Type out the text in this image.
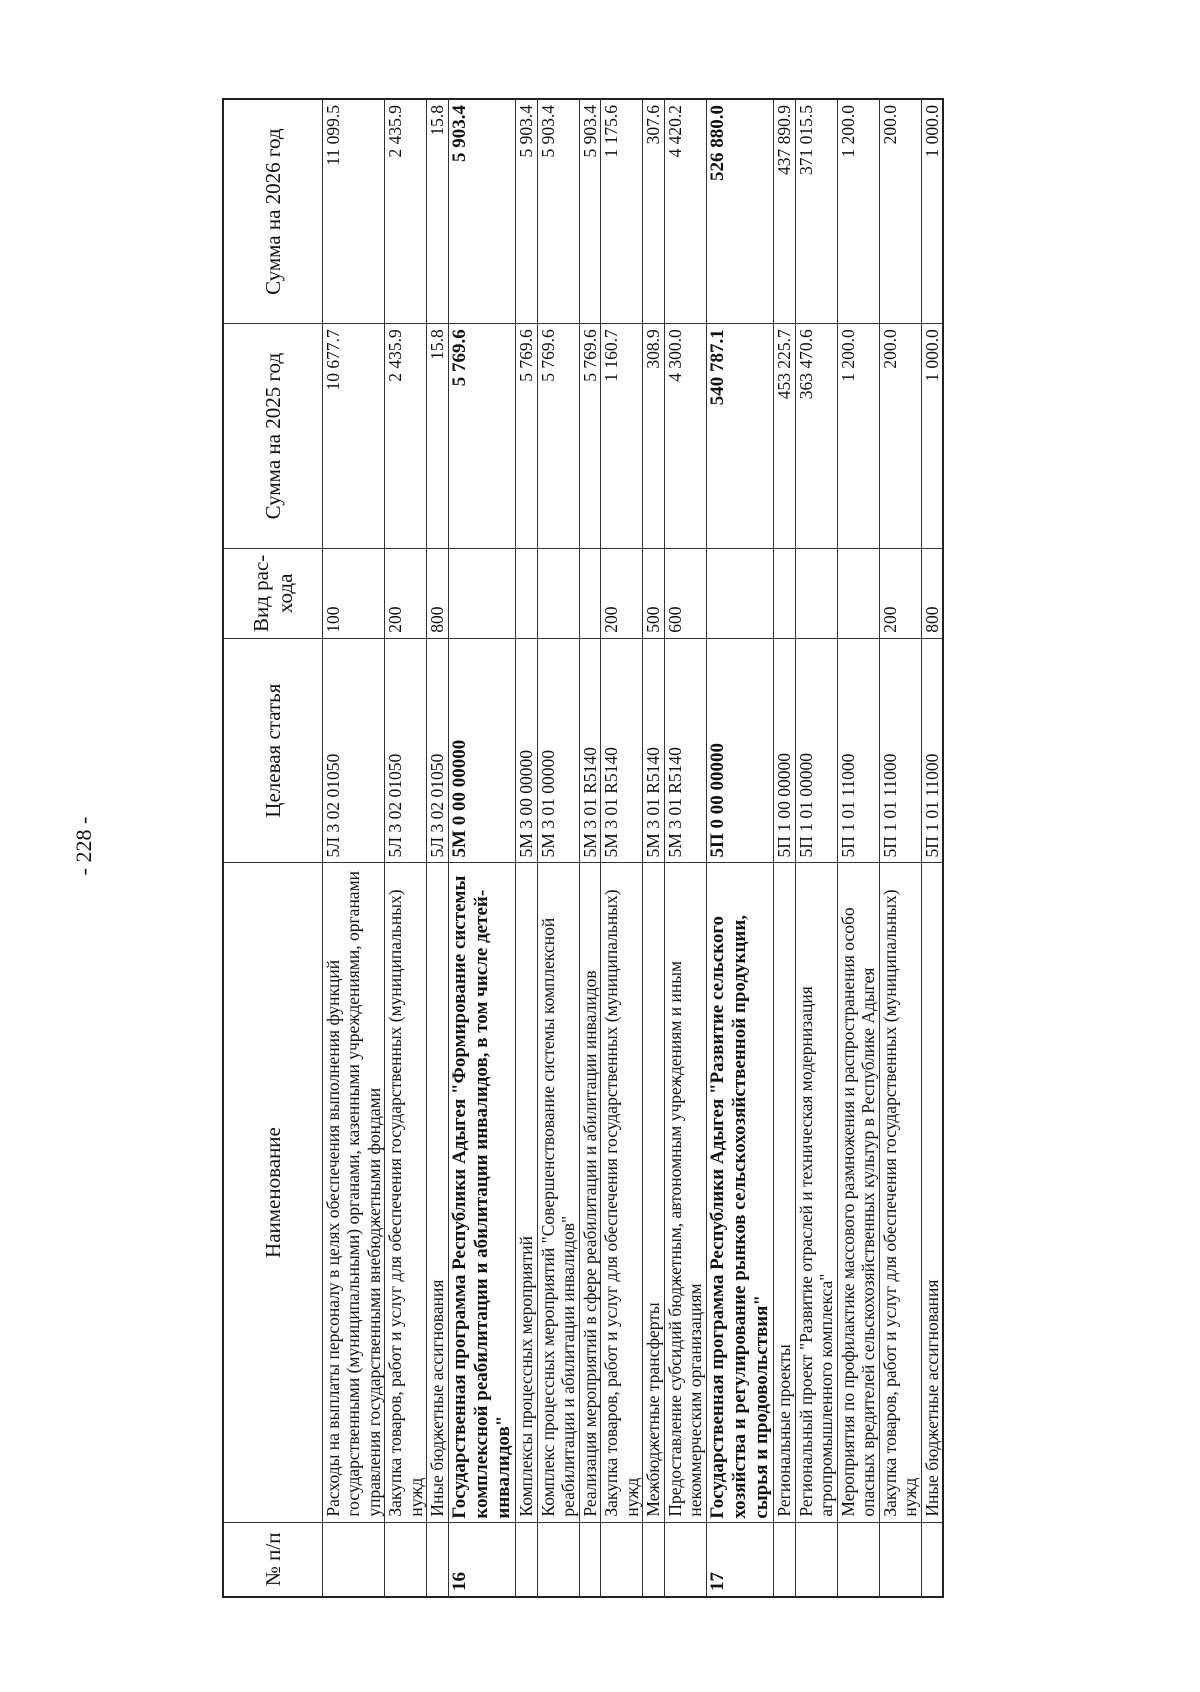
- 228 -
№ п/п	Наименование	Целевая статья	Вид рас- хода	Сумма на 2025 год	Сумма на 2026 год
	Расходы на выплаты персоналу в целях обеспечения выполнения функций государственными (муниципальными) органами, казенными учреждениями, органами управления государственными внебюджетными фондами	5Л 3 02 01050	100	10 677.7	11 099.5
	Закупка товаров, работ и услуг для обеспечения государственных (муниципальных) нужд	5Л 3 02 01050	200	2 435.9	2 435.9
	Иные бюджетные ассигнования	5Л 3 02 01050	800	15.8	15.8
16	Государственная программа Республики Адыгея "Формирование системы комплексной реабилитации и абилитации инвалидов, в том числе детей-инвалидов"	5М 0 00 00000		5 769.6	5 903.4
	Комплексы процессных мероприятий	5М 3 00 00000		5 769.6	5 903.4
	Комплекс процессных мероприятий "Совершенствование системы комплексной реабилитации и абилитации инвалидов"	5М 3 01 00000		5 769.6	5 903.4
	Реализация мероприятий в сфере реабилитации и абилитации инвалидов	5М 3 01 R5140		5 769.6	5 903.4
	Закупка товаров, работ и услуг для обеспечения государственных (муниципальных) нужд	5М 3 01 R5140	200	1 160.7	1 175.6
	Межбюджетные трансферты	5М 3 01 R5140	500	308.9	307.6
	Предоставление субсидий бюджетным, автономным учреждениям и иным некоммерческим организациям	5М 3 01 R5140	600	4 300.0	4 420.2
17	Государственная программа Республики Адыгея "Развитие сельского хозяйства и регулирование рынков сельскохозяйственной продукции, сырья и продовольствия"	5П 0 00 00000		540 787.1	526 880.0
	Региональные проекты	5П 1 00 00000		453 225.7	437 890.9
	Региональный проект "Развитие отраслей и техническая модернизация агропромышленного комплекса"	5П 1 01 00000		363 470.6	371 015.5
	Мероприятия по профилактике массового размножения и распространения особо опасных вредителей сельскохозяйственных культур в Республике Адыгея	5П 1 01 11000		1 200.0	1 200.0
	Закупка товаров, работ и услуг для обеспечения государственных (муниципальных) нужд	5П 1 01 11000	200	200.0	200.0
	Иные бюджетные ассигнования	5П 1 01 11000	800	1 000.0	1 000.0
